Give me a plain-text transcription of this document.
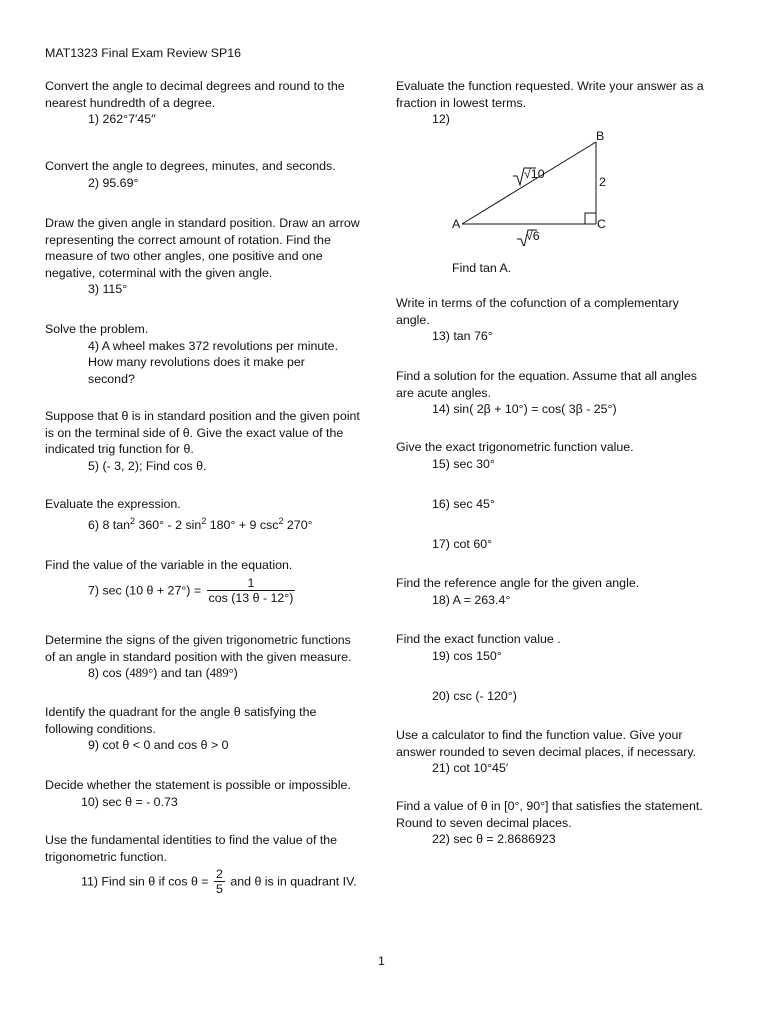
MAT1323 Final Exam Review SP16
Convert the angle to decimal degrees and round to the
nearest hundredth of a degree.
1) 262°7′45′′
Convert the angle to degrees, minutes, and seconds.
2) 95.69°
Draw the given angle in standard position. Draw an arrow
representing the correct amount of rotation. Find the
measure of two other angles, one positive and one
negative, coterminal with the given angle.
3) 115°
Solve the problem.
4) A wheel makes 372 revolutions per minute.
How many revolutions does it make per
second?
Suppose that θ is in standard position and the given point
is on the terminal side of θ. Give the exact value of the
indicated trig function for θ.
5) (- 3, 2); Find cos θ.
Evaluate the expression.
6) 8 $\tan^2 360^\circ - 2$ $\sin^2 180^\circ + 9$ $\csc^2 270^\circ$
Find the value of the variable in the equation.
7) sec (10 $\theta + 27^\circ) = \frac{1}{\cos (13 \theta - 12^\circ)}$
Determine the signs of the given trigonometric functions
of an angle in standard position with the given measure.
8) cos (489°) and tan (489°)
Identify the quadrant for the angle θ satisfying the
following conditions.
9) cot θ < 0 and cos θ > 0
Decide whether the statement is possible or impossible.
10) sec θ = - 0.73
Use the fundamental identities to find the value of the
trigonometric function.
11) Find sin θ if $\cos \theta = \frac{2}{5}$ and θ is in quadrant IV.
Evaluate the function requested. Write your answer as a
fraction in lowest terms.
12)
A
B
C
√10
2
√6
Find tan A.
Write in terms of the cofunction of a complementary
angle.
13) tan 76°
Find a solution for the equation. Assume that all angles
are acute angles.
14) sin( 2β + 10°) = cos( 3β - 25°)
Give the exact trigonometric function value.
15) sec 30°
16) sec 45°
17) cot 60°
Find the reference angle for the given angle.
18) A = 263.4°
Find the exact function value .
19) cos 150°
20) csc (- 120°)
Use a calculator to find the function value. Give your
answer rounded to seven decimal places, if necessary.
21) cot 10°45′
Find a value of θ in [0°, 90°] that satisfies the statement.
Round to seven decimal places.
22) sec θ = 2.8686923
1
